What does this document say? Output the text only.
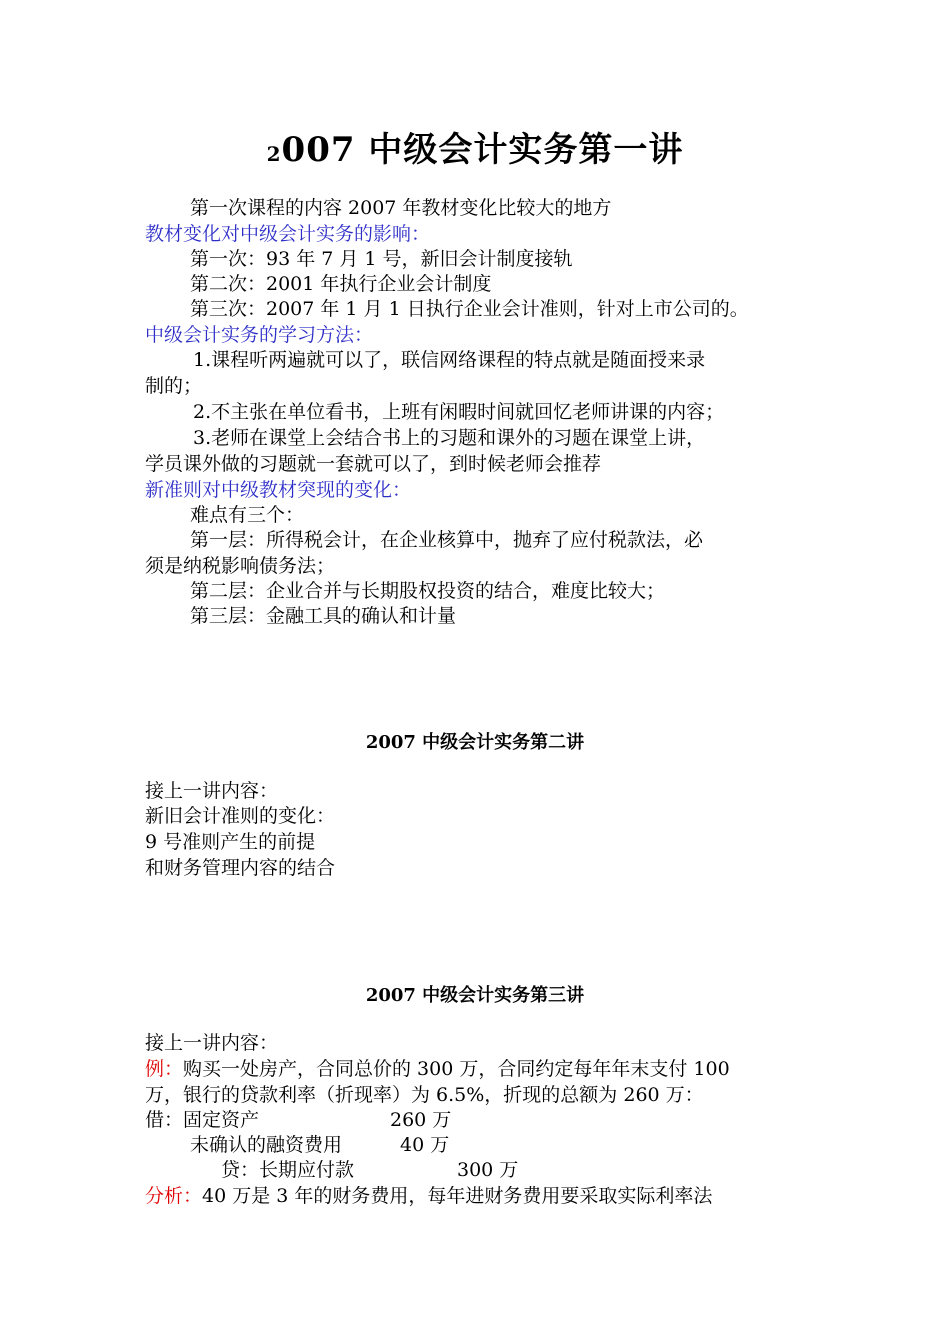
2007 中级会计实务第一讲
第一次课程的内容 2007 年教材变化比较大的地方
教材变化对中级会计实务的影响：
第一次：93 年 7 月 1 号，新旧会计制度接轨
第二次：2001 年执行企业会计制度
第三次：2007 年 1 月 1 日执行企业会计准则，针对上市公司的。
中级会计实务的学习方法：
1.课程听两遍就可以了，联信网络课程的特点就是随面授来录
制的；
2.不主张在单位看书，上班有闲暇时间就回忆老师讲课的内容；
3.老师在课堂上会结合书上的习题和课外的习题在课堂上讲，
学员课外做的习题就一套就可以了，到时候老师会推荐
新准则对中级教材突现的变化：
难点有三个：
第一层：所得税会计，在企业核算中，抛弃了应付税款法，必
须是纳税影响债务法；
第二层：企业合并与长期股权投资的结合，难度比较大；
第三层：金融工具的确认和计量
2007 中级会计实务第二讲
接上一讲内容：
新旧会计准则的变化：
9 号准则产生的前提
和财务管理内容的结合
2007 中级会计实务第三讲
接上一讲内容：
例：购买一处房产，合同总价的 300 万，合同约定每年年末支付 100
万，银行的贷款利率（折现率）为 6.5%，折现的总额为 260 万：
借：固定资产	260 万
未确认的融资费用	40 万
贷：长期应付款	300 万
分析：40 万是 3 年的财务费用，每年进财务费用要采取实际利率法
